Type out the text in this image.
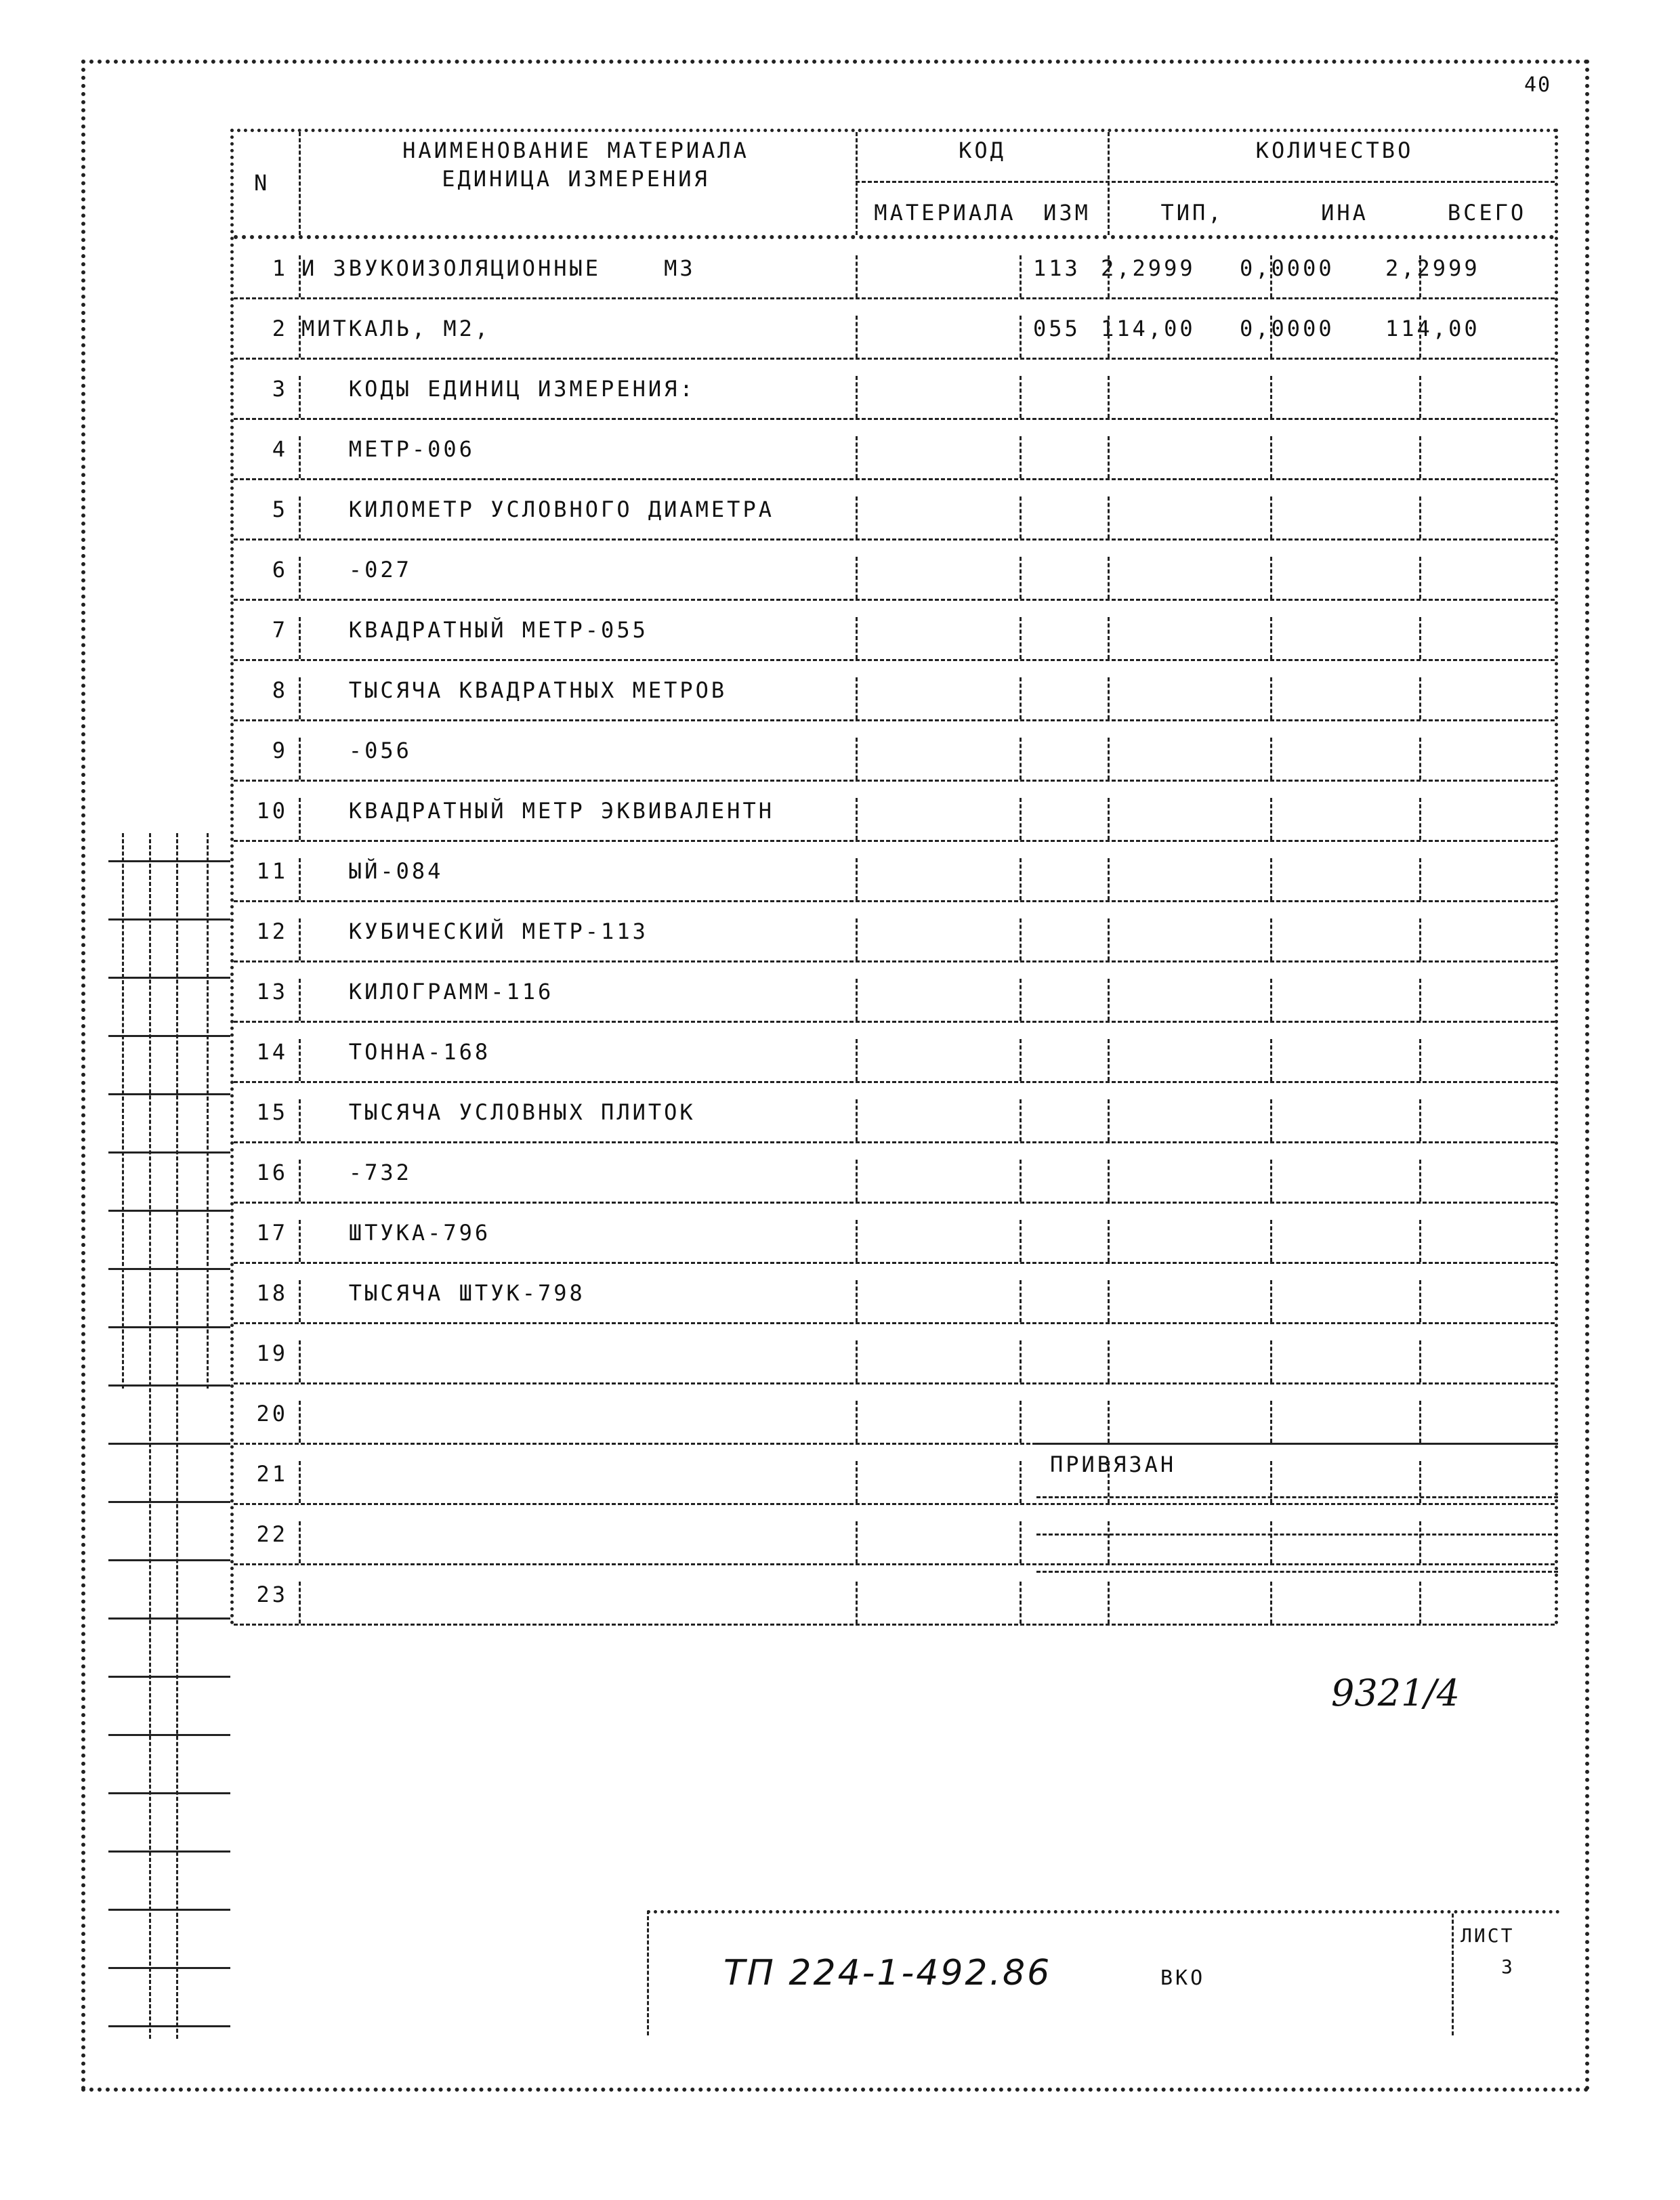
40
N
НАИМЕНОВАНИЕ МАТЕРИАЛА
ЕДИНИЦА ИЗМЕРЕНИЯ
КОД	КОЛИЧЕСТВО
МАТЕРИАЛА	ИЗМ	ТИП,	ИНА	ВСЕГО
1 И ЗВУКОИЗОЛЯЦИОННЫЕ    М3	113 2,2999 0,0000 2,2999
2 МИТКАЛЬ, М2,	055 114,00 0,0000 114,00
3 КОДЫ ЕДИНИЦ ИЗМЕРЕНИЯ:
4 МЕТР-006
5 КИЛОМЕТР УСЛОВНОГО ДИАМЕТРА
6 -027
7 КВАДРАТНЫЙ МЕТР-055
8 ТЫСЯЧА КВАДРАТНЫХ МЕТРОВ
9 -056
10 КВАДРАТНЫЙ МЕТР ЭКВИВАЛЕНТН
11 ЫЙ-084
12 КУБИЧЕСКИЙ МЕТР-113
13 КИЛОГРАММ-116
14 ТОННА-168
15 ТЫСЯЧА УСЛОВНЫХ ПЛИТОК
16 -732
17 ШТУКА-796
18 ТЫСЯЧА ШТУК-798
19
20
21
22
23
9321/4
ПРИВЯЗАН
ТП 224-1-492.86	ВКО
ЛИСТ
3
